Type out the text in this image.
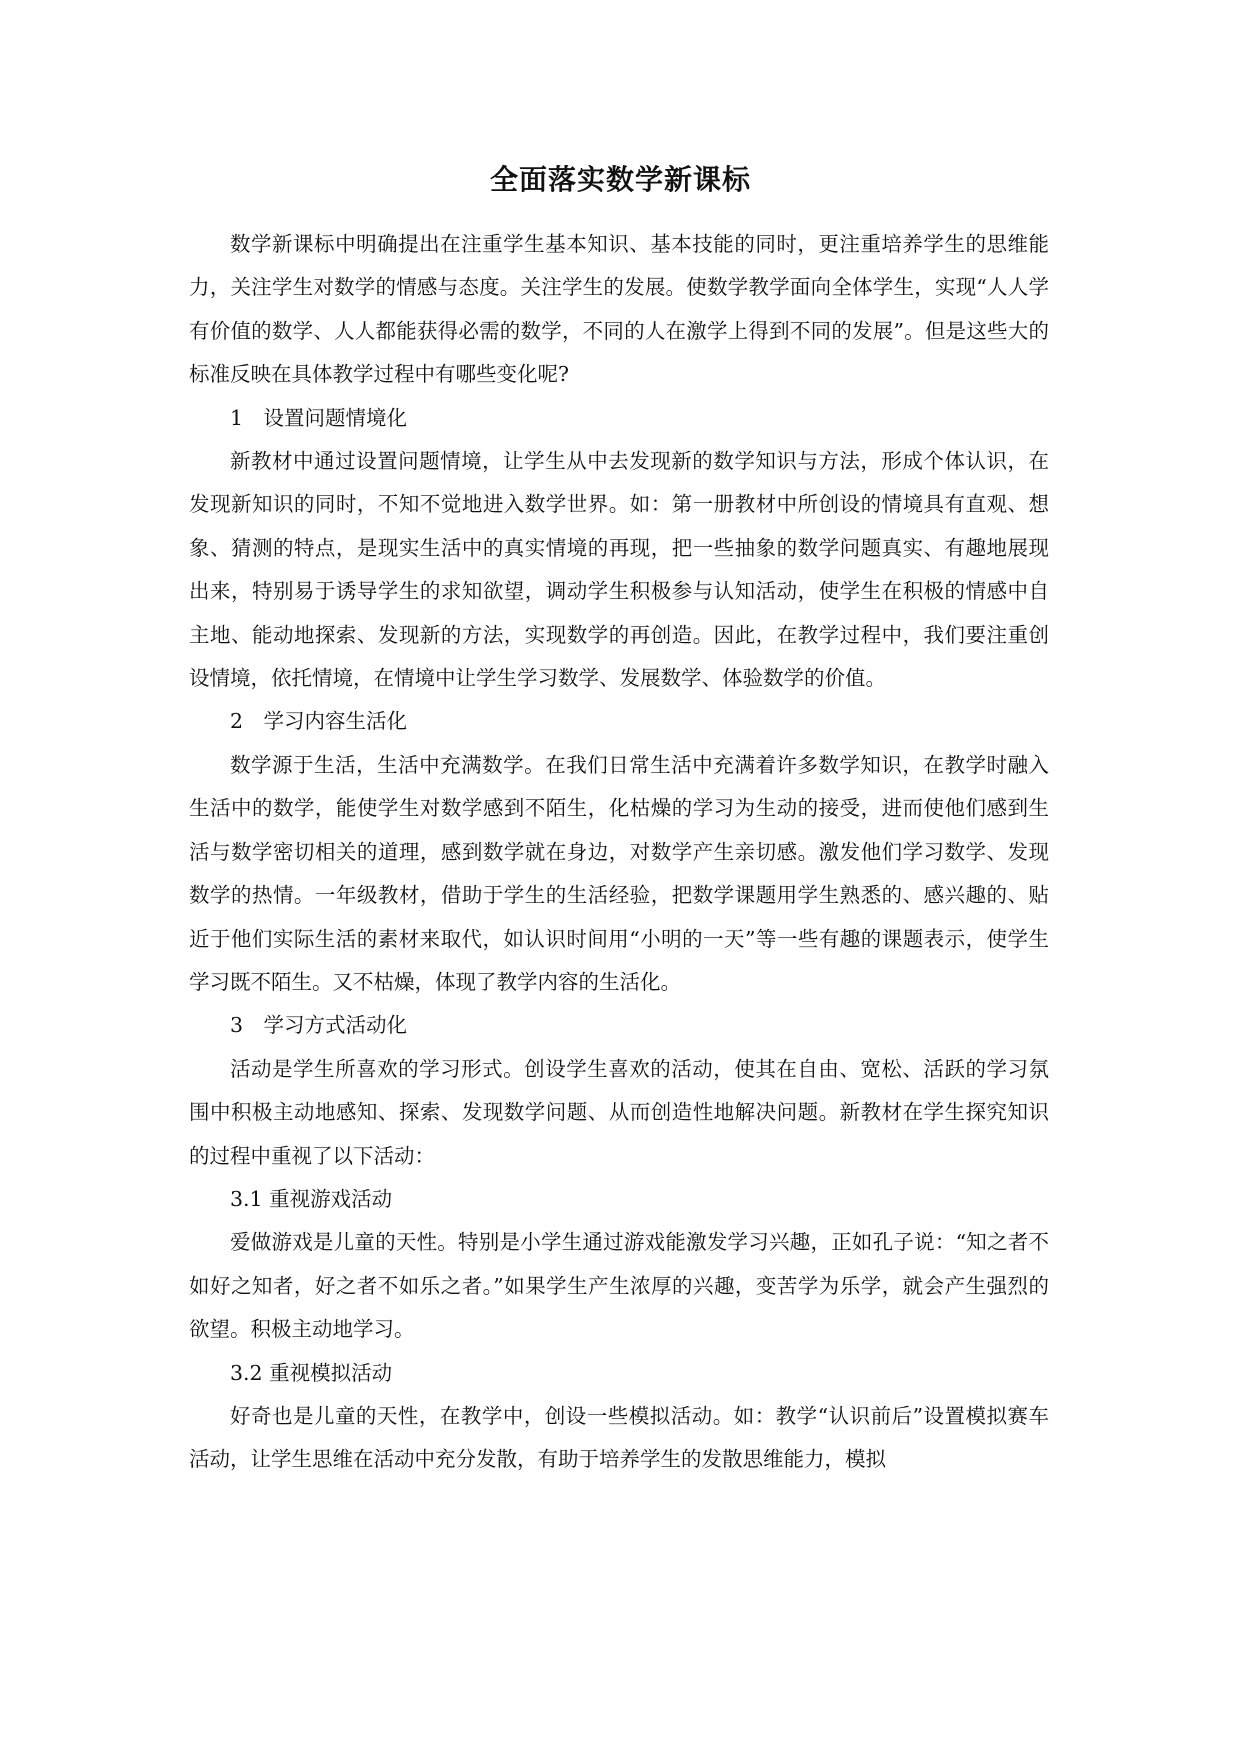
全面落实数学新课标

数学新课标中明确提出在注重学生基本知识、基本技能的同时，更注重培养学生的思维能力，关注学生对数学的情感与态度。关注学生的发展。使数学教学面向全体学生，实现“人人学有价值的数学、人人都能获得必需的数学，不同的人在激学上得到不同的发展”。但是这些大的标准反映在具体教学过程中有哪些变化呢?

1　设置问题情境化

新教材中通过设置问题情境，让学生从中去发现新的数学知识与方法，形成个体认识，在发现新知识的同时，不知不觉地进入数学世界。如：第一册教材中所创设的情境具有直观、想象、猜测的特点，是现实生活中的真实情境的再现，把一些抽象的数学问题真实、有趣地展现出来，特别易于诱导学生的求知欲望，调动学生积极参与认知活动，使学生在积极的情感中自主地、能动地探索、发现新的方法，实现数学的再创造。因此，在教学过程中，我们要注重创设情境，依托情境，在情境中让学生学习数学、发展数学、体验数学的价值。

2　学习内容生活化

数学源于生活，生活中充满数学。在我们日常生活中充满着许多数学知识，在教学时融入生活中的数学，能使学生对数学感到不陌生，化枯燥的学习为生动的接受，进而使他们感到生活与数学密切相关的道理，感到数学就在身边，对数学产生亲切感。激发他们学习数学、发现数学的热情。一年级教材，借助于学生的生活经验，把数学课题用学生熟悉的、感兴趣的、贴近于他们实际生活的素材来取代，如认识时间用“小明的一天”等一些有趣的课题表示，使学生学习既不陌生。又不枯燥，体现了教学内容的生活化。

3　学习方式活动化

活动是学生所喜欢的学习形式。创设学生喜欢的活动，使其在自由、宽松、活跃的学习氛围中积极主动地感知、探索、发现数学问题、从而创造性地解决问题。新教材在学生探究知识的过程中重视了以下活动：

3.1 重视游戏活动

爱做游戏是儿童的天性。特别是小学生通过游戏能激发学习兴趣，正如孔子说：“知之者不如好之知者，好之者不如乐之者。”如果学生产生浓厚的兴趣，变苦学为乐学，就会产生强烈的欲望。积极主动地学习。

3.2 重视模拟活动

好奇也是儿童的天性，在教学中，创设一些模拟活动。如：教学“认识前后”设置模拟赛车活动，让学生思维在活动中充分发散，有助于培养学生的发散思维能力，模拟
